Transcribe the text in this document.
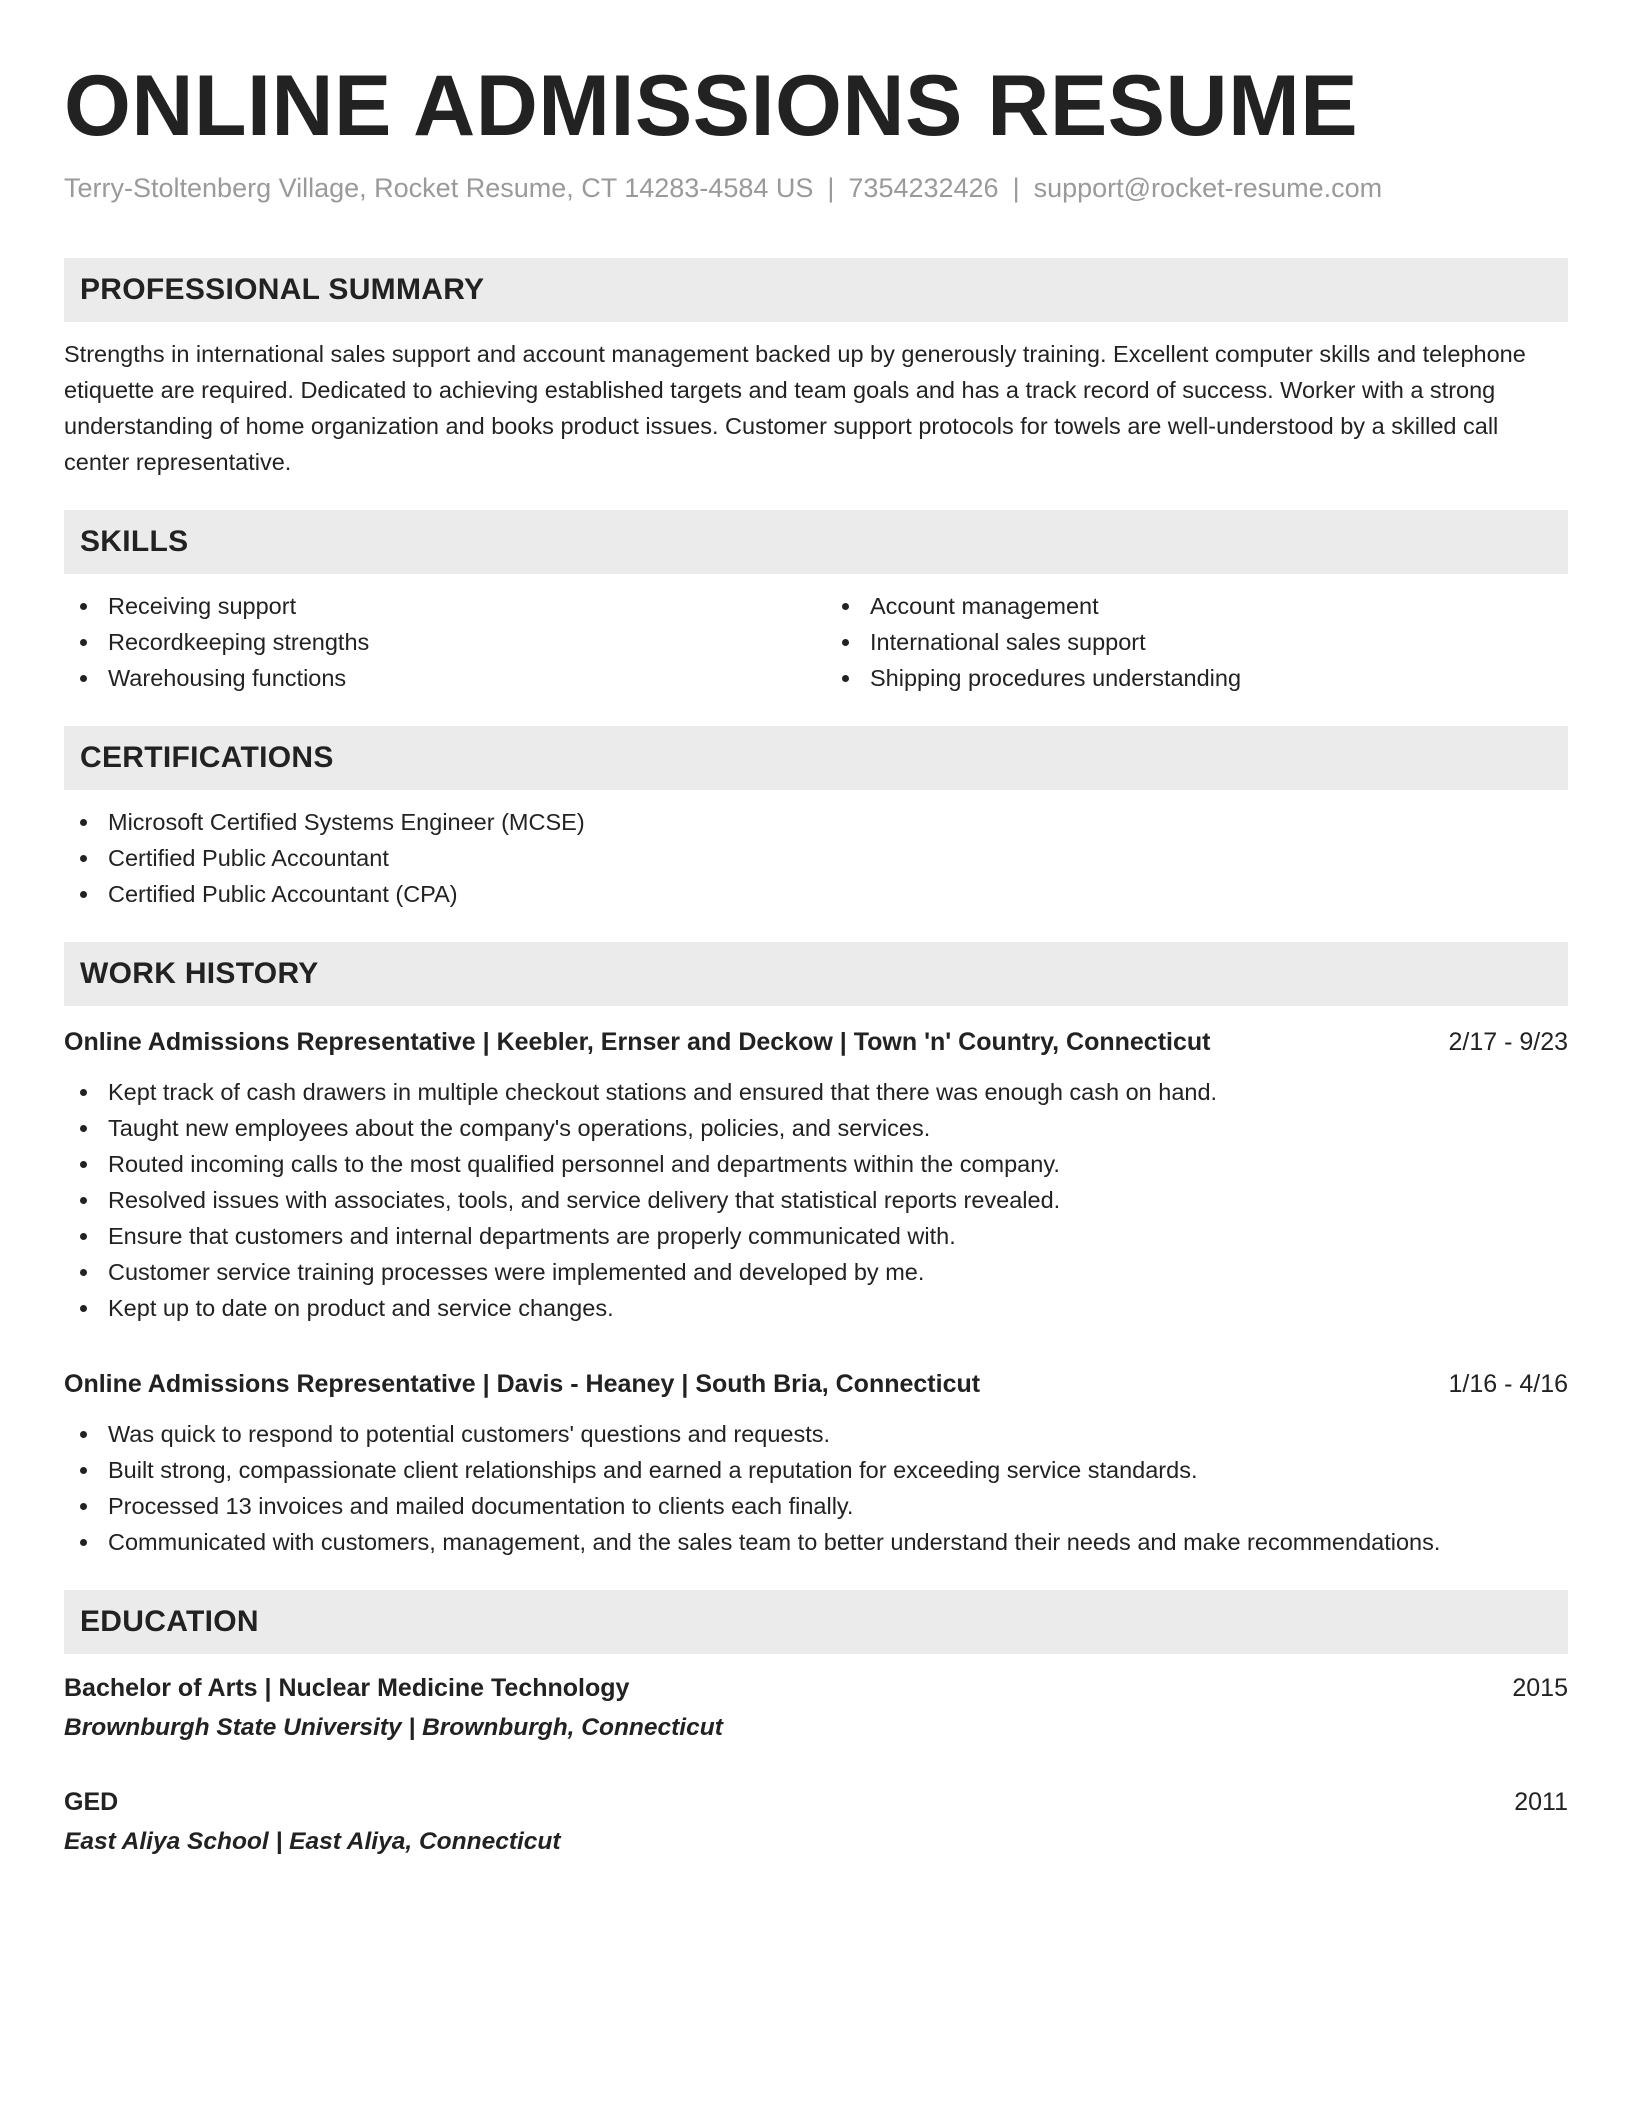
ONLINE ADMISSIONS RESUME
Terry-Stoltenberg Village, Rocket Resume, CT 14283-4584 US | 7354232426 | support@rocket-resume.com
PROFESSIONAL SUMMARY

Strengths in international sales support and account management backed up by generously training. Excellent computer skills and telephone etiquette are required. Dedicated to achieving established targets and team goals and has a track record of success. Worker with a strong understanding of home organization and books product issues. Customer support protocols for towels are well-understood by a skilled call center representative.

SKILLS
Receiving support
Recordkeeping strengths
Warehousing functions
Account management
International sales support
Shipping procedures understanding
CERTIFICATIONS
Microsoft Certified Systems Engineer (MCSE)
Certified Public Accountant
Certified Public Accountant (CPA)
WORK HISTORY
Online Admissions Representative | Keebler, Ernser and Deckow | Town 'n' Country, Connecticut	2/17 - 9/23
Kept track of cash drawers in multiple checkout stations and ensured that there was enough cash on hand.
Taught new employees about the company's operations, policies, and services.
Routed incoming calls to the most qualified personnel and departments within the company.
Resolved issues with associates, tools, and service delivery that statistical reports revealed.
Ensure that customers and internal departments are properly communicated with.
Customer service training processes were implemented and developed by me.
Kept up to date on product and service changes.
Online Admissions Representative | Davis - Heaney | South Bria, Connecticut	1/16 - 4/16
Was quick to respond to potential customers' questions and requests.
Built strong, compassionate client relationships and earned a reputation for exceeding service standards.
Processed 13 invoices and mailed documentation to clients each finally.
Communicated with customers, management, and the sales team to better understand their needs and make recommendations.
EDUCATION
Bachelor of Arts | Nuclear Medicine Technology	2015
Brownburgh State University | Brownburgh, Connecticut
GED	2011
East Aliya School | East Aliya, Connecticut
